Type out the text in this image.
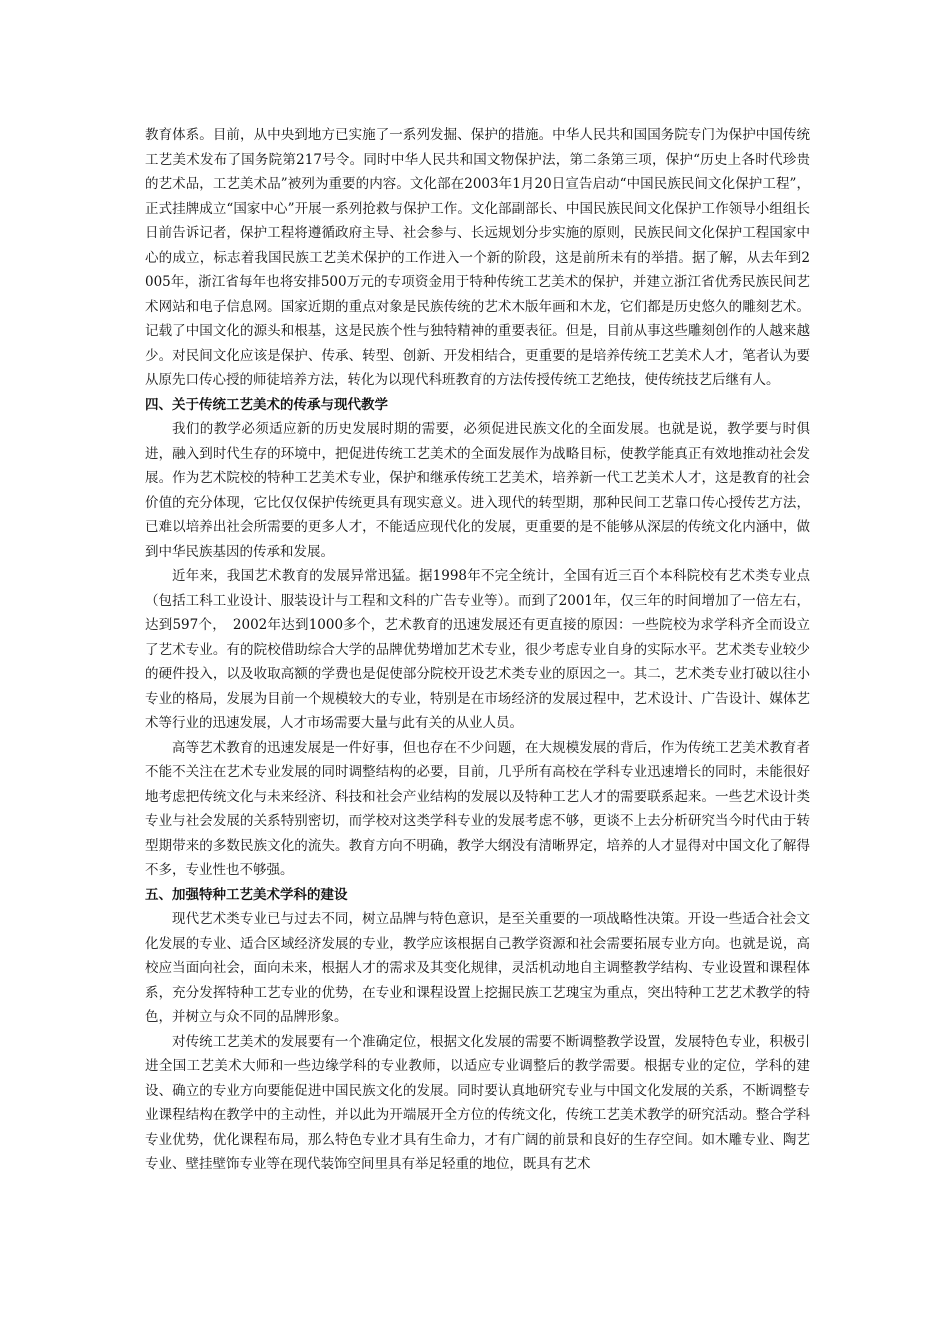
教育体系。目前，从中央到地方已实施了一系列发掘、保护的措施。中华人民共和国国务院专门为保护中国传统工艺美术发布了国务院第217号令。同时中华人民共和国文物保护法，第二条第三项，保护“历史上各时代珍贵的艺术品，工艺美术品”被列为重要的内容。文化部在2003年1月20日宣告启动“中国民族民间文化保护工程”，正式挂牌成立“国家中心”开展一系列抢救与保护工作。文化部副部长、中国民族民间文化保护工作领导小组组长日前告诉记者，保护工程将遵循政府主导、社会参与、长远规划分步实施的原则，民族民间文化保护工程国家中心的成立，标志着我国民族工艺美术保护的工作进入一个新的阶段，这是前所未有的举措。据了解，从去年到2005年，浙江省每年也将安排500万元的专项资金用于特种传统工艺美术的保护，并建立浙江省优秀民族民间艺术网站和电子信息网。国家近期的重点对象是民族传统的艺术木版年画和木龙，它们都是历史悠久的雕刻艺术。记载了中国文化的源头和根基，这是民族个性与独特精神的重要表征。但是，目前从事这些雕刻创作的人越来越少。对民间文化应该是保护、传承、转型、创新、开发相结合，更重要的是培养传统工艺美术人才，笔者认为要从原先口传心授的师徒培养方法，转化为以现代科班教育的方法传授传统工艺绝技，使传统技艺后继有人。

四、关于传统工艺美术的传承与现代教学

我们的教学必须适应新的历史发展时期的需要，必须促进民族文化的全面发展。也就是说，教学要与时俱进，融入到时代生存的环境中，把促进传统工艺美术的全面发展作为战略目标，使教学能真正有效地推动社会发展。作为艺术院校的特种工艺美术专业，保护和继承传统工艺美术，培养新一代工艺美术人才，这是教育的社会价值的充分体现，它比仅仅保护传统更具有现实意义。进入现代的转型期，那种民间工艺靠口传心授传艺方法，已难以培养出社会所需要的更多人才，不能适应现代化的发展，更重要的是不能够从深层的传统文化内涵中，做到中华民族基因的传承和发展。

近年来，我国艺术教育的发展异常迅猛。据1998年不完全统计，全国有近三百个本科院校有艺术类专业点（包括工科工业设计、服装设计与工程和文科的广告专业等）。而到了2001年，仅三年的时间增加了一倍左右，达到597个，　2002年达到1000多个，艺术教育的迅速发展还有更直接的原因：一些院校为求学科齐全而设立了艺术专业。有的院校借助综合大学的品牌优势增加艺术专业，很少考虑专业自身的实际水平。艺术类专业较少的硬件投入，以及收取高额的学费也是促使部分院校开设艺术类专业的原因之一。其二，艺术类专业打破以往小专业的格局，发展为目前一个规模较大的专业，特别是在市场经济的发展过程中，艺术设计、广告设计、媒体艺术等行业的迅速发展，人才市场需要大量与此有关的从业人员。

高等艺术教育的迅速发展是一件好事，但也存在不少问题，在大规模发展的背后，作为传统工艺美术教育者不能不关注在艺术专业发展的同时调整结构的必要，目前，几乎所有高校在学科专业迅速增长的同时，未能很好地考虑把传统文化与未来经济、科技和社会产业结构的发展以及特种工艺人才的需要联系起来。一些艺术设计类专业与社会发展的关系特别密切，而学校对这类学科专业的发展考虑不够，更谈不上去分析研究当今时代由于转型期带来的多数民族文化的流失。教育方向不明确，教学大纲没有清晰界定，培养的人才显得对中国文化了解得不多，专业性也不够强。

五、加强特种工艺美术学科的建设

现代艺术类专业已与过去不同，树立品牌与特色意识，是至关重要的一项战略性决策。开设一些适合社会文化发展的专业、适合区域经济发展的专业，教学应该根据自己教学资源和社会需要拓展专业方向。也就是说，高校应当面向社会，面向未来，根据人才的需求及其变化规律，灵活机动地自主调整教学结构、专业设置和课程体系，充分发挥特种工艺专业的优势，在专业和课程设置上挖掘民族工艺瑰宝为重点，突出特种工艺艺术教学的特色，并树立与众不同的品牌形象。

对传统工艺美术的发展要有一个准确定位，根据文化发展的需要不断调整教学设置，发展特色专业，积极引进全国工艺美术大师和一些边缘学科的专业教师，以适应专业调整后的教学需要。根据专业的定位，学科的建设、确立的专业方向要能促进中国民族文化的发展。同时要认真地研究专业与中国文化发展的关系，不断调整专业课程结构在教学中的主动性，并以此为开端展开全方位的传统文化，传统工艺美术教学的研究活动。整合学科专业优势，优化课程布局，那么特色专业才具有生命力，才有广阔的前景和良好的生存空间。如木雕专业、陶艺专业、壁挂壁饰专业等在现代装饰空间里具有举足轻重的地位，既具有艺术
